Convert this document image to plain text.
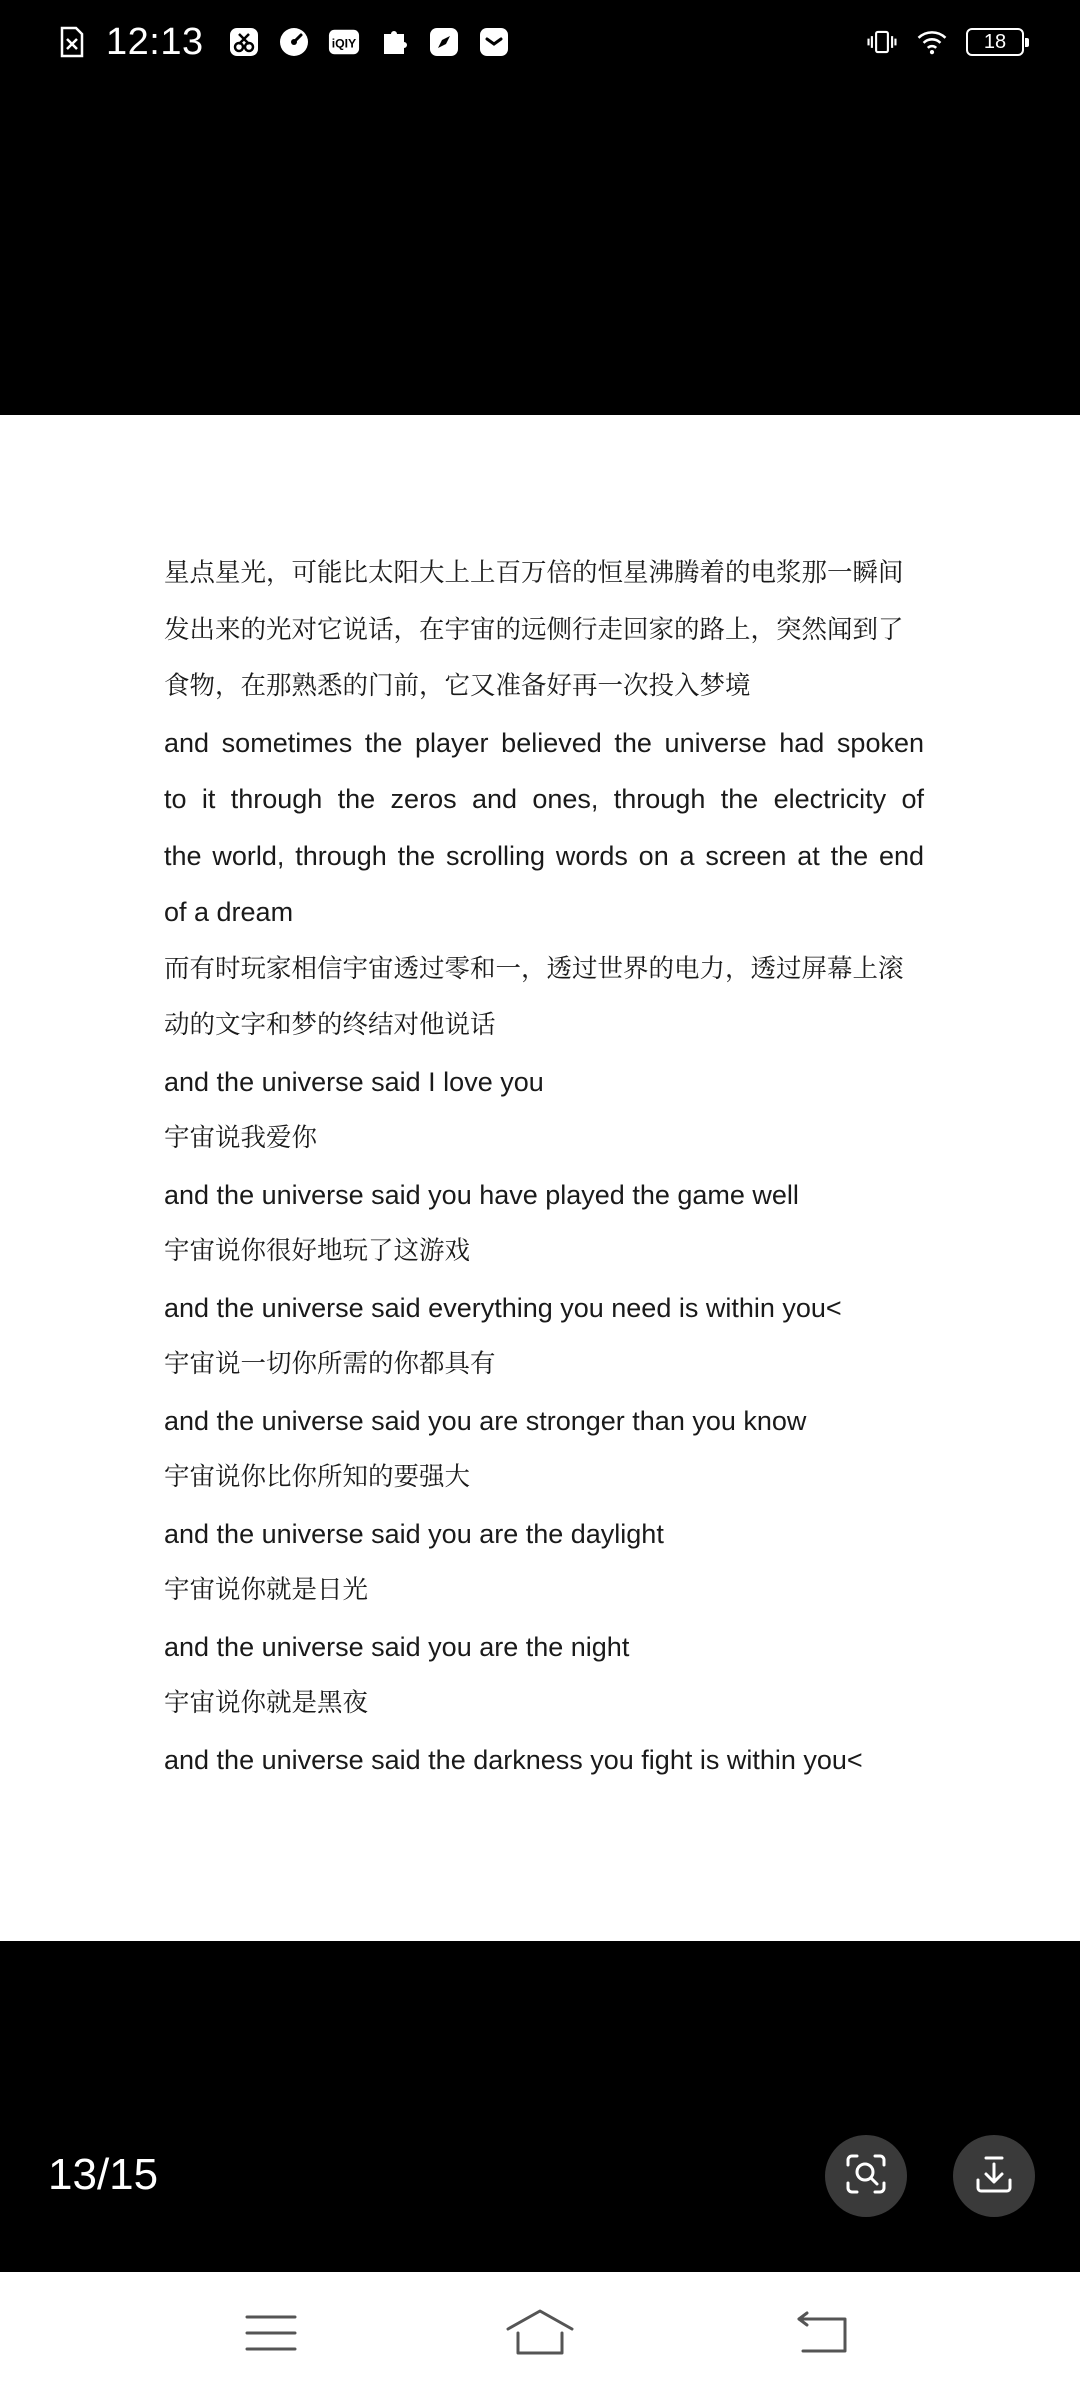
12:13	iQIY	18
星点星光，可能比太阳大上上百万倍的恒星沸腾着的电浆那一瞬间
发出来的光对它说话，在宇宙的远侧行走回家的路上，突然闻到了
食物，在那熟悉的门前，它又准备好再一次投入梦境
and sometimes the player believed the universe had spoken
to it through the zeros and ones, through the electricity of
the world, through the scrolling words on a screen at the end
of a dream
而有时玩家相信宇宙透过零和一，透过世界的电力，透过屏幕上滚
动的文字和梦的终结对他说话
and the universe said I love you
宇宙说我爱你
and the universe said you have played the game well
宇宙说你很好地玩了这游戏
and the universe said everything you need is within you<
宇宙说一切你所需的你都具有
and the universe said you are stronger than you know
宇宙说你比你所知的要强大
and the universe said you are the daylight
宇宙说你就是日光
and the universe said you are the night
宇宙说你就是黑夜
and the universe said the darkness you fight is within you<
13/15
